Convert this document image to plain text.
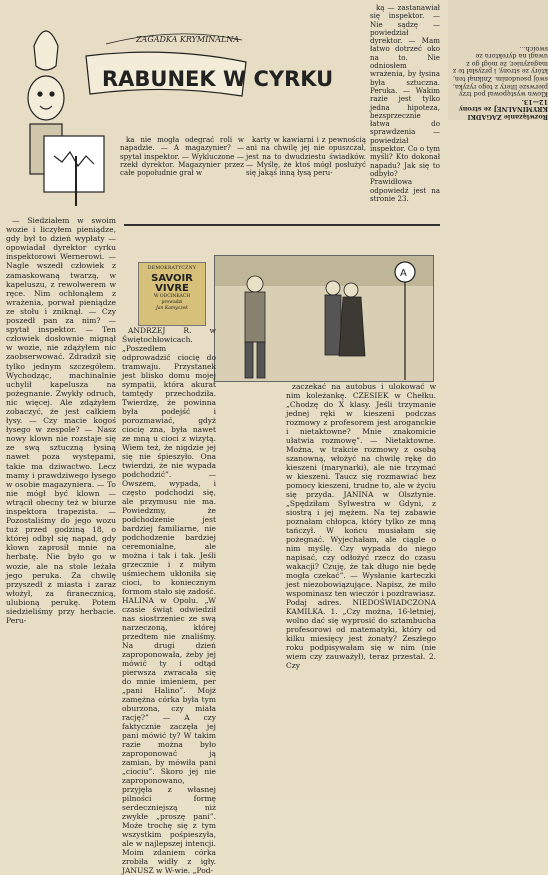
ZAGADKA KRYMINALNA
RABUNEK W CYRKU

ką — zastanawiał się inspektor. — Nie sądzę — powiedział dyrektor. — Mam łatwo dotrzeć oko na to. Nie odniosłem wrażenia, by łysina była sztuczna. Peruka. — Wakim razie jest tylko jedna hipoteza, bezsprzecznie łatwa do sprawdzenia — powiedział inspektor. Co o tym myśli? Kto dokonał napadu? Jak się to odbyło? Prawidłowa odpowiedź jest na stronie 23.

ka nie mogła odegrać roli w napadzie. — A magazynier? — spytał inspektor. — Wykluczone — rzekł dyrektor. Magazynier przez całe popołudnie grał w

karty w kawiarni i z pewnością ani na chwilę jej nie opuszczał, jest na to dwudziestu świadków. — Myślę, że ktoś mógł posłużyć się jakąś inną łysą peru-

Rozwiązanie ZAGADKI KRYMINALNEJ ze strony 12—13.
Klown występował pod trzy pierwsze litery z tego ryzyka, swój pseudonim. Zniknął ten, który ze strony, i przysłał te z magazynier, że mógł go z uwagi na dyrektora ze swoich...

— Siedziałem w swoim wozie i liczyłem pieniądze, gdy był to dzień wypłaty — opowiadał dyrektor cyrku inspektorowi Wernerowi. — Nagle wszedł człowiek z zamaskowaną twarzą, w kapeluszu, z rewolwerem w ręce. Nim ochłonąłem z wrażenia, porwał pieniądze ze stołu i zniknął. — Czy poszedł pan za nim? — spytał inspektor. — Ten człowiek dosłownie mignął w wozie, nie zdążyłem nic zaobserwować. Zdradził się tylko jednym szczegółem. Wychodząc, machinalnie uchylił kapelusza na pożegnanie. Zwykły odruch, nic więcej. Ale zdążyłem zobaczyć, że jest całkiem łysy. — Czy macie kogoś łysego w zespole? — Nasz nowy klown nie rozstaje się ze swą sztuczną łysiną nawet poza występami, takie ma dziwactwo. Lecz mamy i prawdziwego łysego w osobie magazyniera. — To nie mógł być klown — wtrącił obecny też w biurze inspektora trapezista. — Pozostaliśmy do jego wozu tuż przed godziną 18, o której odbył się napad, gdy klown zaprosił mnie na herbatę. Nie było go w wozie, ale na stole leżała jego peruka. Za chwilę przyszedł z miasta i zaraz włożył, za firanecznicą, ulubioną perukę. Potem siedzieliśmy przy herbacie. Peru-

DEMOKRATYCZNY
SAVOIR VIVRE
W ODCINKACH
prowadzi
Jan Kamyczek
A

ANDRZEJ R. w Świętochłowicach. „Poszedłem odprowadzić ciocię do tramwaju. Przystanek jest blisko domu mojej sympatii, która akurat tamtędy przechodziła. Twierdzę, że powinna była podejść i porozmawiać, gdyż ciocię zna, była nawet ze mną u cioci z wizytą. Wiem też, że nigdzie jej się nie śpieszyło. Ona twierdzi, że nie wypada podchodzić”. — Owszem, wypada, i często podchodzi się, ale przymusu nie ma. Powiedzmy, że podchodzenie jest bardziej familiarne, nie podchodzenie bardziej ceremonialne, ale można i tak i tak. Jeśli grzecznie i z miłym uśmiechem ukłoniła się cioci, to koniecznym formom stało się zadość. HALINA w Opolu. „W czasie świąt odwiedził nas siostrzeniec ze swą narzeczoną, której przedtem nie znaliśmy. Na drugi dzień zaproponowała, żeby jej mówić ty i odtąd pierwsza zwracała się do mnie imieniem, per „pani Halino”. Mojż zamężna córka była tym oburzona, czy miała rację?” — A czy faktycznie zaczęła jej pani mówić ty? W takim razie można było zaproponować ją zamian, by mówiła pani „ciociu”. Skoro jej nie zaproponowano, przyjęła z własnej pilności formę serdeczniejszą niż zwykłe „proszę pani”. Może trochę się z tym wszystkim pośpieszyła, ale w najlepszej intencji. Moim zdaniem córka zrobiła widły z igły. JANUSZ w W-wie. „Pod-

zaczekać na autobus i ulokować w nim koleżankę. CZESIEK w Chełku. „Chodzę do X klasy. Jeśli trzymanie jednej ręki w kieszeni podczas rozmowy z profesorem jest aroganckie i nietaktowne? Mnie znakomicie ułatwia rozmowę”. — Nietaktowne. Można, w trakcie rozmowy z osobą szanowną, włożyć na chwilę rękę do kieszeni (marynarki), ale nie trzymać w kieszeni. Taucz się rozmawiać bez pomocy kieszeni, trudne to, ale w życiu się przyda. JANINA w Olsztynie. „Spędziłam Sylwestra w Gdyni, z siostrą i jej mężem. Na tej zabawie poznałam chłopca, który tylko ze mną tańczył. W końcu musiałam się pożegnać. Wyjechałam, ale ciągle o nim myślę. Czy wypada do niego napisać, czy odłożyć rzecz do czasu wakacji? Czuję, że tak długo nie będę mogła czekać”. — Wysłanie karteczki jest niezobowiązujące. Napisz, że miło wspominasz ten wieczór i pozdrawiasz. Podaj adres. NIEDOŚWIADCZONA KAMILKA. 1. „Czy można, 16-letniej, wolno dać się wyprosić do sztambucha profesorowi od matematyki, który od kilku miesięcy jest żonaty? Zeszłego roku podpisywałam się w nim (nie wiem czy zauważył), teraz przestał. 2. Czy
